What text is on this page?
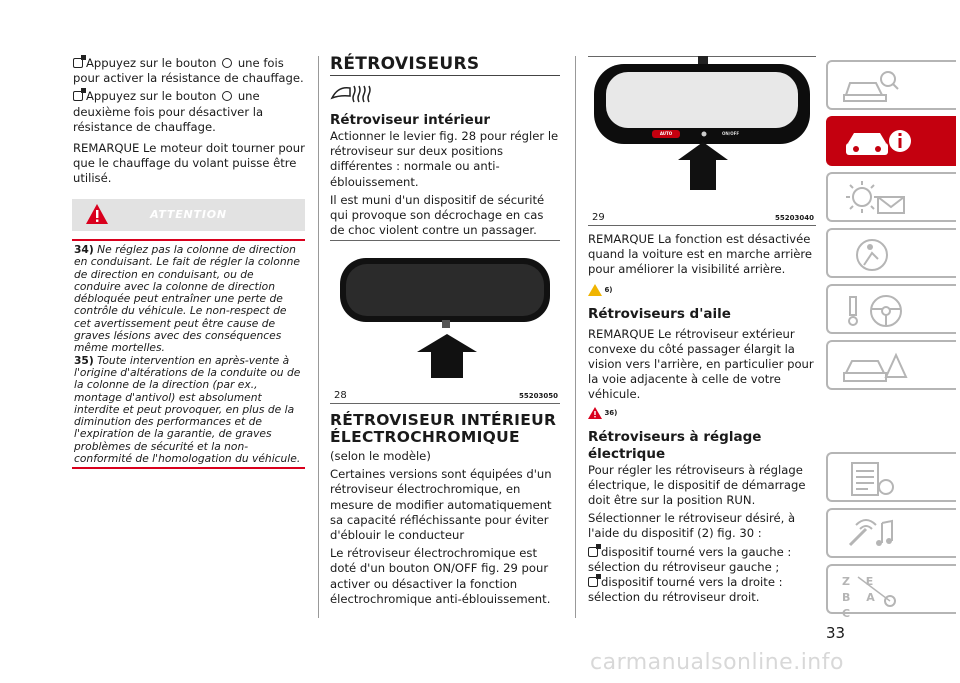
Appuyez sur le bouton une fois pour activer la résistance de chauffage.

Appuyez sur le bouton une deuxième fois pour désactiver la résistance de chauffage.

REMARQUE Le moteur doit tourner pour que le chauffage du volant puisse être utilisé.

ATTENTION

34) Ne réglez pas la colonne de direction en conduisant. Le fait de régler la colonne de direction en conduisant, ou de conduire avec la colonne de direction débloquée peut entraîner une perte de contrôle du véhicule. Le non-respect de cet avertissement peut être cause de graves lésions avec des conséquences même mortelles.

35) Toute intervention en après-vente à l'origine d'altérations de la conduite ou de la colonne de la direction (par ex., montage d'antivol) est absolument interdite et peut provoquer, en plus de la diminution des performances et de l'expiration de la garantie, de graves problèmes de sécurité et la non-conformité de l'homologation du véhicule.

RÉTROVISEURS
Rétroviseur intérieur

Actionner le levier fig. 28 pour régler le rétroviseur sur deux positions différentes : normale ou anti-éblouissement.

Il est muni d'un dispositif de sécurité qui provoque son décrochage en cas de choc violent contre un passager.

28	55203050
RÉTROVISEUR INTÉRIEUR ÉLECTROCHROMIQUE

(selon le modèle)

Certaines versions sont équipées d'un rétroviseur électrochromique, en mesure de modifier automatiquement sa capacité réfléchissante pour éviter d'éblouir le conducteur

Le rétroviseur électrochromique est doté d'un bouton ON/OFF fig. 29 pour activer ou désactiver la fonction électrochromique anti-éblouissement.

AUTO	ON/OFF
29	55203040

REMARQUE La fonction est désactivée quand la voiture est en marche arrière pour améliorer la visibilité arrière.

6)
Rétroviseurs d'aile

REMARQUE Le rétroviseur extérieur convexe du côté passager élargit la vision vers l'arrière, en particulier pour la voie adjacente à celle de votre véhicule.

36)
Rétroviseurs à réglage électrique

Pour régler les rétroviseurs à réglage électrique, le dispositif de démarrage doit être sur la position RUN.

Sélectionner le rétroviseur désiré, à l'aide du dispositif (2) fig. 30 :

dispositif tourné vers la gauche : sélection du rétroviseur gauche ;

dispositif tourné vers la droite : sélection du rétroviseur droit.

Z E B A C
33
carmanualsonline.info
